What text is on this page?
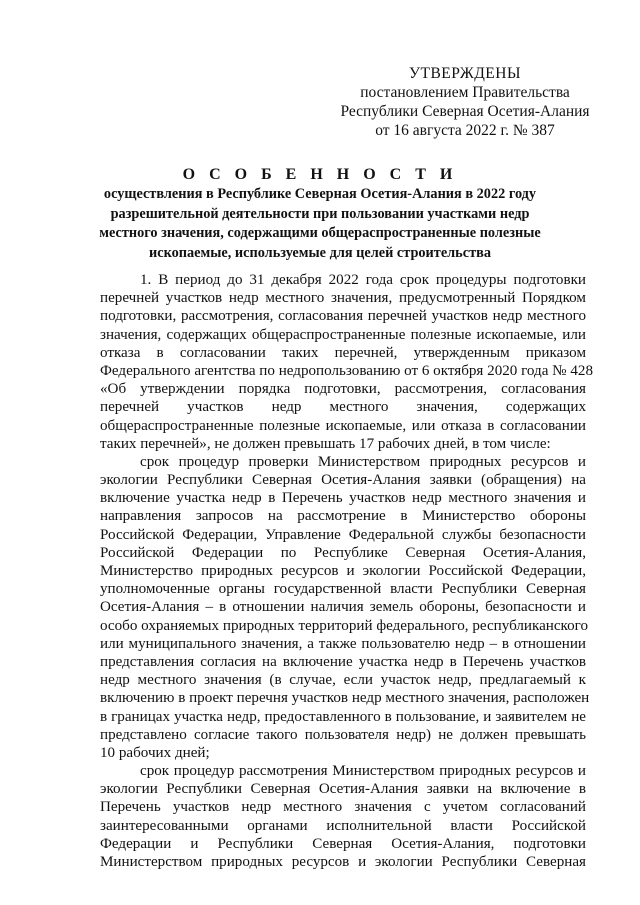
УТВЕРЖДЕНЫ
постановлением Правительства
Республики Северная Осетия-Алания
от 16 августа 2022 г. № 387
О С О Б Е Н Н О С Т И
осуществления в Республике Северная Осетия-Алания в 2022 году
разрешительной деятельности при пользовании участками недр
местного значения, содержащими общераспространенные полезные
ископаемые, используемые для целей строительства
1. В период до 31 декабря 2022 года срок процедуры подготовки
перечней участков недр местного значения, предусмотренный Порядком
подготовки, рассмотрения, согласования перечней участков недр местного
значения, содержащих общераспространенные полезные ископаемые, или
отказа в согласовании таких перечней, утвержденным приказом
Федерального агентства по недропользованию от 6 октября 2020 года № 428
«Об утверждении порядка подготовки, рассмотрения, согласования
перечней участков недр местного значения, содержащих
общераспространенные полезные ископаемые, или отказа в согласовании
таких перечней», не должен превышать 17 рабочих дней, в том числе:
срок процедур проверки Министерством природных ресурсов и
экологии Республики Северная Осетия-Алания заявки (обращения) на
включение участка недр в Перечень участков недр местного значения и
направления запросов на рассмотрение в Министерство обороны
Российской Федерации, Управление Федеральной службы безопасности
Российской Федерации по Республике Северная Осетия-Алания,
Министерство природных ресурсов и экологии Российской Федерации,
уполномоченные органы государственной власти Республики Северная
Осетия-Алания – в отношении наличия земель обороны, безопасности и
особо охраняемых природных территорий федерального, республиканского
или муниципального значения, а также пользователю недр – в отношении
представления согласия на включение участка недр в Перечень участков
недр местного значения (в случае, если участок недр, предлагаемый к
включению в проект перечня участков недр местного значения, расположен
в границах участка недр, предоставленного в пользование, и заявителем не
представлено согласие такого пользователя недр) не должен превышать
10 рабочих дней;
срок процедур рассмотрения Министерством природных ресурсов и
экологии Республики Северная Осетия-Алания заявки на включение в
Перечень участков недр местного значения с учетом согласований
заинтересованными органами исполнительной власти Российской
Федерации и Республики Северная Осетия-Алания, подготовки
Министерством природных ресурсов и экологии Республики Северная
